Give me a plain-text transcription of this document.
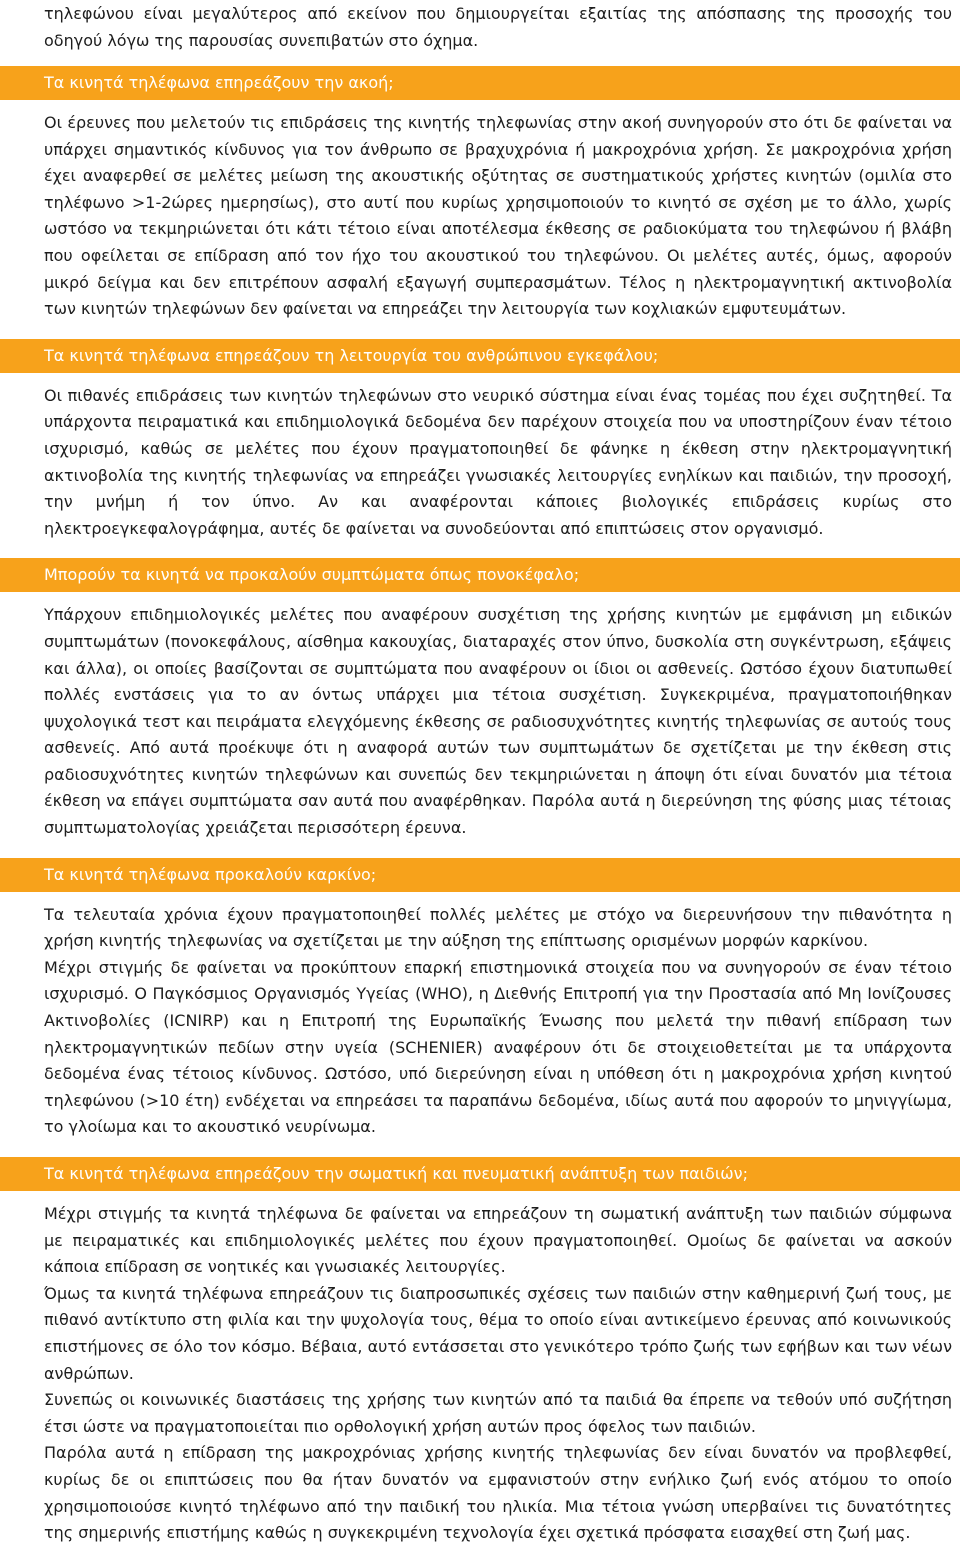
τηλεφώνου είναι μεγαλύτερος από εκείνον που δημιουργείται εξαιτίας της απόσπασης της προσοχής του οδηγού λόγω της παρουσίας συνεπιβατών στο όχημα.

Τα κινητά τηλέφωνα επηρεάζουν την ακοή;

Οι έρευνες που μελετούν τις επιδράσεις της κινητής τηλεφωνίας στην ακοή συνηγορούν στο ότι δε φαίνεται να υπάρχει σημαντικός κίνδυνος για τον άνθρωπο σε βραχυχρόνια ή μακροχρόνια χρήση. Σε μακροχρόνια χρήση έχει αναφερθεί σε μελέτες μείωση της ακουστικής οξύτητας σε συστηματικούς χρήστες κινητών (ομιλία στο τηλέφωνο >1-2ώρες ημερησίως), στο αυτί που κυρίως χρησιμοποιούν το κινητό σε σχέση με το άλλο, χωρίς ωστόσο να τεκμηριώνεται ότι κάτι τέτοιο είναι αποτέλεσμα έκθεσης σε ραδιοκύματα του τηλεφώνου ή βλάβη που οφείλεται σε επίδραση από τον ήχο του ακουστικού του τηλεφώνου. Οι μελέτες αυτές, όμως, αφορούν μικρό δείγμα και δεν επιτρέπουν ασφαλή εξαγωγή συμπερασμάτων. Τέλος η ηλεκτρομαγνητική ακτινοβολία των κινητών τηλεφώνων δεν φαίνεται να επηρεάζει την λειτουργία των κοχλιακών εμφυτευμάτων.

Τα κινητά τηλέφωνα επηρεάζουν τη λειτουργία του ανθρώπινου εγκεφάλου;

Οι πιθανές επιδράσεις των κινητών τηλεφώνων στο νευρικό σύστημα είναι ένας τομέας που έχει συζητηθεί. Τα υπάρχοντα πειραματικά και επιδημιολογικά δεδομένα δεν παρέχουν στοιχεία που να υποστηρίζουν έναν τέτοιο ισχυρισμό, καθώς σε μελέτες που έχουν πραγματοποιηθεί δε φάνηκε η έκθεση στην ηλεκτρομαγνητική ακτινοβολία της κινητής τηλεφωνίας να επηρεάζει γνωσιακές λειτουργίες ενηλίκων και παιδιών, την προσοχή, την μνήμη ή τον ύπνο. Αν και αναφέρονται κάποιες βιολογικές επιδράσεις κυρίως στο ηλεκτροεγκεφαλογράφημα, αυτές δε φαίνεται να συνοδεύονται από επιπτώσεις στον οργανισμό.

Μπορούν τα κινητά να προκαλούν συμπτώματα όπως πονοκέφαλο;

Υπάρχουν επιδημιολογικές μελέτες που αναφέρουν συσχέτιση της χρήσης κινητών με εμφάνιση μη ειδικών συμπτωμάτων (πονοκεφάλους, αίσθημα κακουχίας, διαταραχές στον ύπνο, δυσκολία στη συγκέντρωση, εξάψεις και άλλα), οι οποίες βασίζονται σε συμπτώματα που αναφέρουν οι ίδιοι οι ασθενείς. Ωστόσο έχουν διατυπωθεί πολλές ενστάσεις για το αν όντως υπάρχει μια τέτοια συσχέτιση. Συγκεκριμένα, πραγματοποιήθηκαν ψυχολογικά τεστ και πειράματα ελεγχόμενης έκθεσης σε ραδιοσυχνότητες κινητής τηλεφωνίας σε αυτούς τους ασθενείς. Από αυτά προέκυψε ότι η αναφορά αυτών των συμπτωμάτων δε σχετίζεται με την έκθεση στις ραδιοσυχνότητες κινητών τηλεφώνων και συνεπώς δεν τεκμηριώνεται η άποψη ότι είναι δυνατόν μια τέτοια έκθεση να επάγει συμπτώματα σαν αυτά που αναφέρθηκαν. Παρόλα αυτά η διερεύνηση της φύσης μιας τέτοιας συμπτωματολογίας χρειάζεται περισσότερη έρευνα.

Τα κινητά τηλέφωνα προκαλούν καρκίνο;

Τα τελευταία χρόνια έχουν πραγματοποιηθεί πολλές μελέτες με στόχο να διερευνήσουν την πιθανότητα η χρήση κινητής τηλεφωνίας να σχετίζεται με την αύξηση της επίπτωσης ορισμένων μορφών καρκίνου.

Μέχρι στιγμής δε φαίνεται να προκύπτουν επαρκή επιστημονικά στοιχεία που να συνηγορούν σε έναν τέτοιο ισχυρισμό. Ο Παγκόσμιος Οργανισμός Υγείας (WHO), η Διεθνής Επιτροπή για την Προστασία από Μη Ιονίζουσες Ακτινοβολίες (ICNIRP) και η Επιτροπή της Ευρωπαϊκής Ένωσης που μελετά την πιθανή επίδραση των ηλεκτρομαγνητικών πεδίων στην υγεία (SCHENIER) αναφέρουν ότι δε στοιχειοθετείται με τα υπάρχοντα δεδομένα ένας τέτοιος κίνδυνος. Ωστόσο, υπό διερεύνηση είναι η υπόθεση ότι η μακροχρόνια χρήση κινητού τηλεφώνου (>10 έτη) ενδέχεται να επηρεάσει τα παραπάνω δεδομένα, ιδίως αυτά που αφορούν το μηνιγγίωμα, το γλοίωμα και το ακουστικό νευρίνωμα.

Τα κινητά τηλέφωνα επηρεάζουν την σωματική και πνευματική ανάπτυξη των παιδιών;

Μέχρι στιγμής τα κινητά τηλέφωνα δε φαίνεται να επηρεάζουν τη σωματική ανάπτυξη των παιδιών σύμφωνα με πειραματικές και επιδημιολογικές μελέτες που έχουν πραγματοποιηθεί. Ομοίως δε φαίνεται να ασκούν κάποια επίδραση σε νοητικές και γνωσιακές λειτουργίες.

Όμως τα κινητά τηλέφωνα επηρεάζουν τις διαπροσωπικές σχέσεις των παιδιών στην καθημερινή ζωή τους, με πιθανό αντίκτυπο στη φιλία και την ψυχολογία τους, θέμα το οποίο είναι αντικείμενο έρευνας από κοινωνικούς επιστήμονες σε όλο τον κόσμο. Βέβαια, αυτό εντάσσεται στο γενικότερο τρόπο ζωής των εφήβων και των νέων ανθρώπων.

Συνεπώς οι κοινωνικές διαστάσεις της χρήσης των κινητών από τα παιδιά θα έπρεπε να τεθούν υπό συζήτηση έτσι ώστε να πραγματοποιείται πιο ορθολογική χρήση αυτών προς όφελος των παιδιών.

Παρόλα αυτά η επίδραση της μακροχρόνιας χρήσης κινητής τηλεφωνίας δεν είναι δυνατόν να προβλεφθεί, κυρίως δε οι επιπτώσεις που θα ήταν δυνατόν να εμφανιστούν στην ενήλικο ζωή ενός ατόμου το οποίο χρησιμοποιούσε κινητό τηλέφωνο από την παιδική του ηλικία. Μια τέτοια γνώση υπερβαίνει τις δυνατότητες της σημερινής επιστήμης καθώς η συγκεκριμένη τεχνολογία έχει σχετικά πρόσφατα εισαχθεί στη ζωή μας.
